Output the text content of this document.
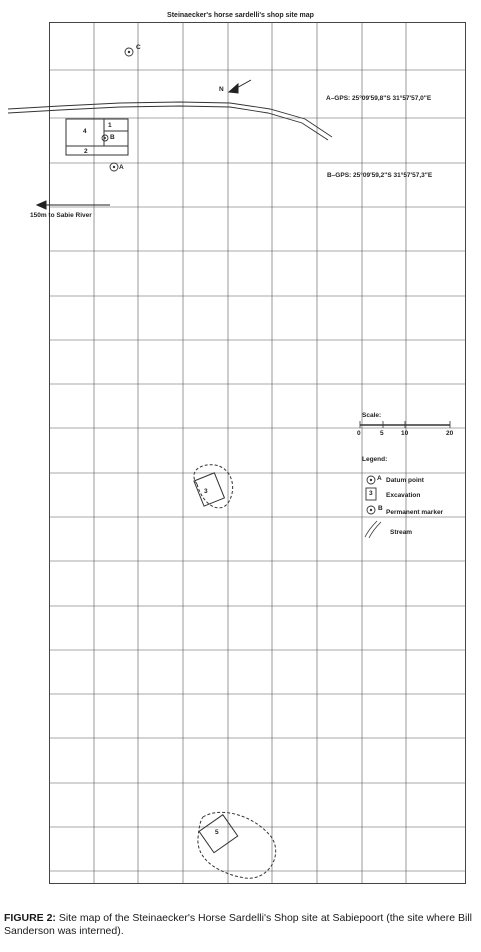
Steinaecker's horse sardelli's shop site map
N
C
A
B
1
2
3
4
5
A–GPS: 25°09'59,8"S 31°57'57,0"E
B–GPS: 25°09'59,2"S 31°57'57,3"E
150m to Sabie River
Scale:
0	5	10	20
Legend:
A Datum point
3 Excavation
B
Permanent marker
Stream
FIGURE 2: Site map of the Steinaecker's Horse Sardelli's Shop site at Sabiepoort (the site where Bill Sanderson was interned).
